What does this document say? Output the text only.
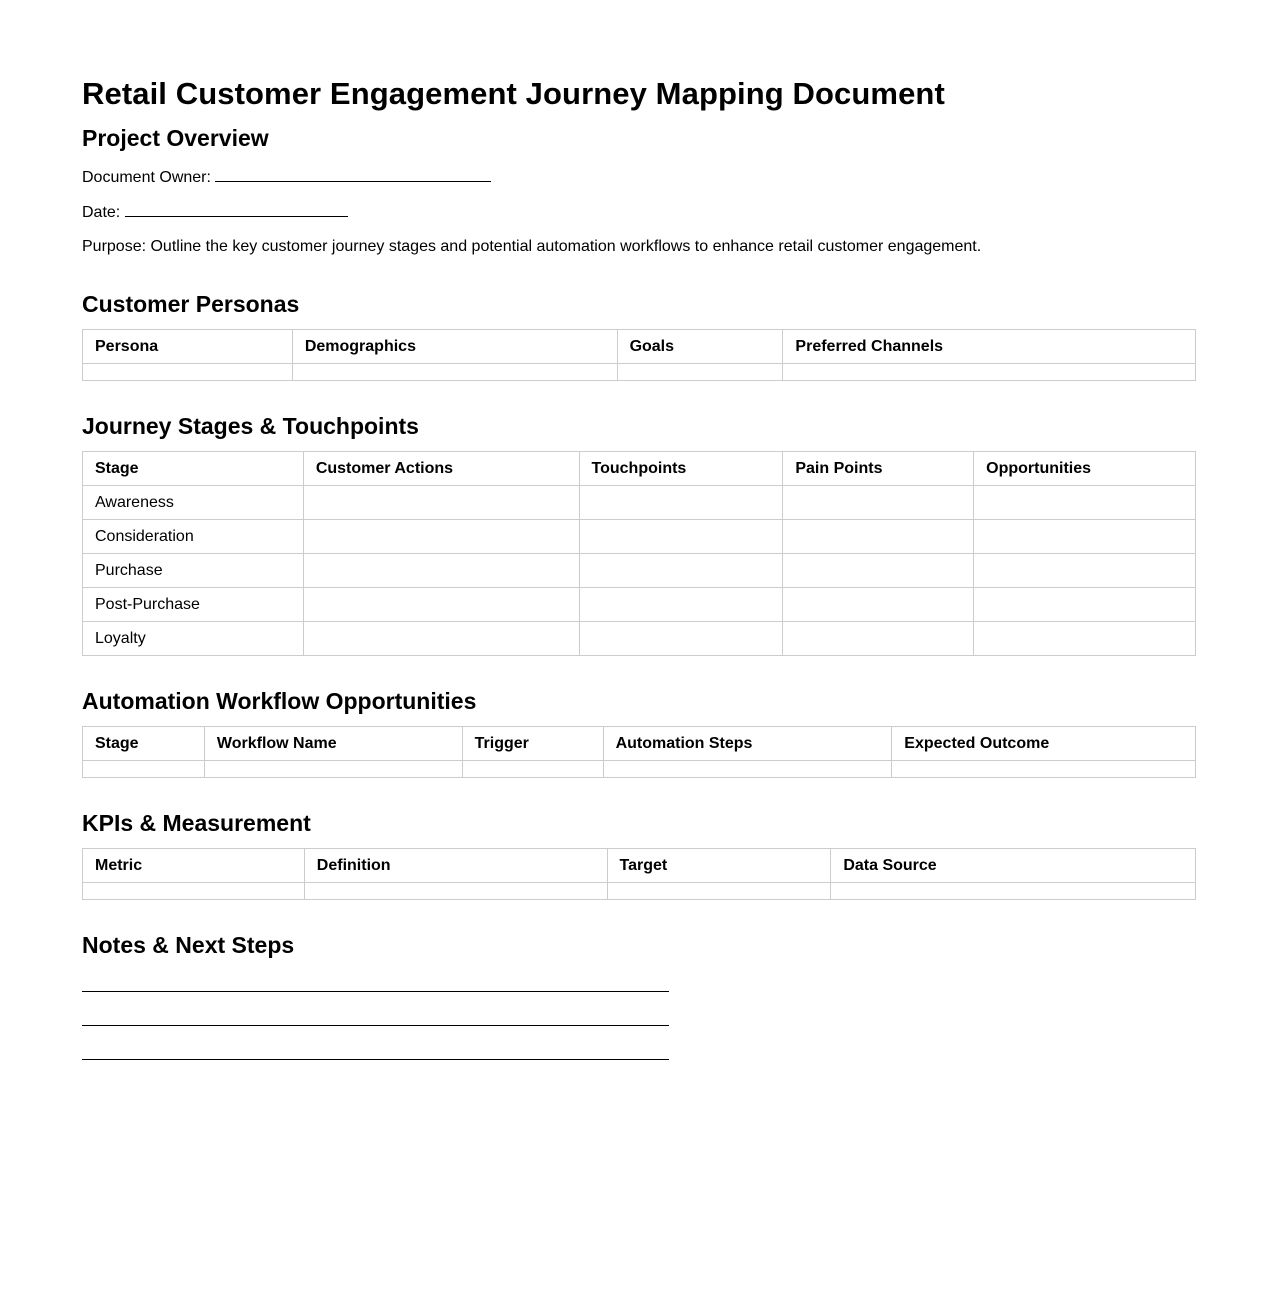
Retail Customer Engagement Journey Mapping Document
Project Overview

Document Owner:

Date:

Purpose: Outline the key customer journey stages and potential automation workflows to enhance retail customer engagement.

Customer Personas
Persona	Demographics	Goals	Preferred Channels

Journey Stages & Touchpoints
Stage	Customer Actions	Touchpoints	Pain Points	Opportunities
Awareness				
Consideration				
Purchase				
Post-Purchase				
Loyalty				
Automation Workflow Opportunities
Stage	Workflow Name	Trigger	Automation Steps	Expected Outcome

KPIs & Measurement
Metric	Definition	Target	Data Source

Notes & Next Steps
